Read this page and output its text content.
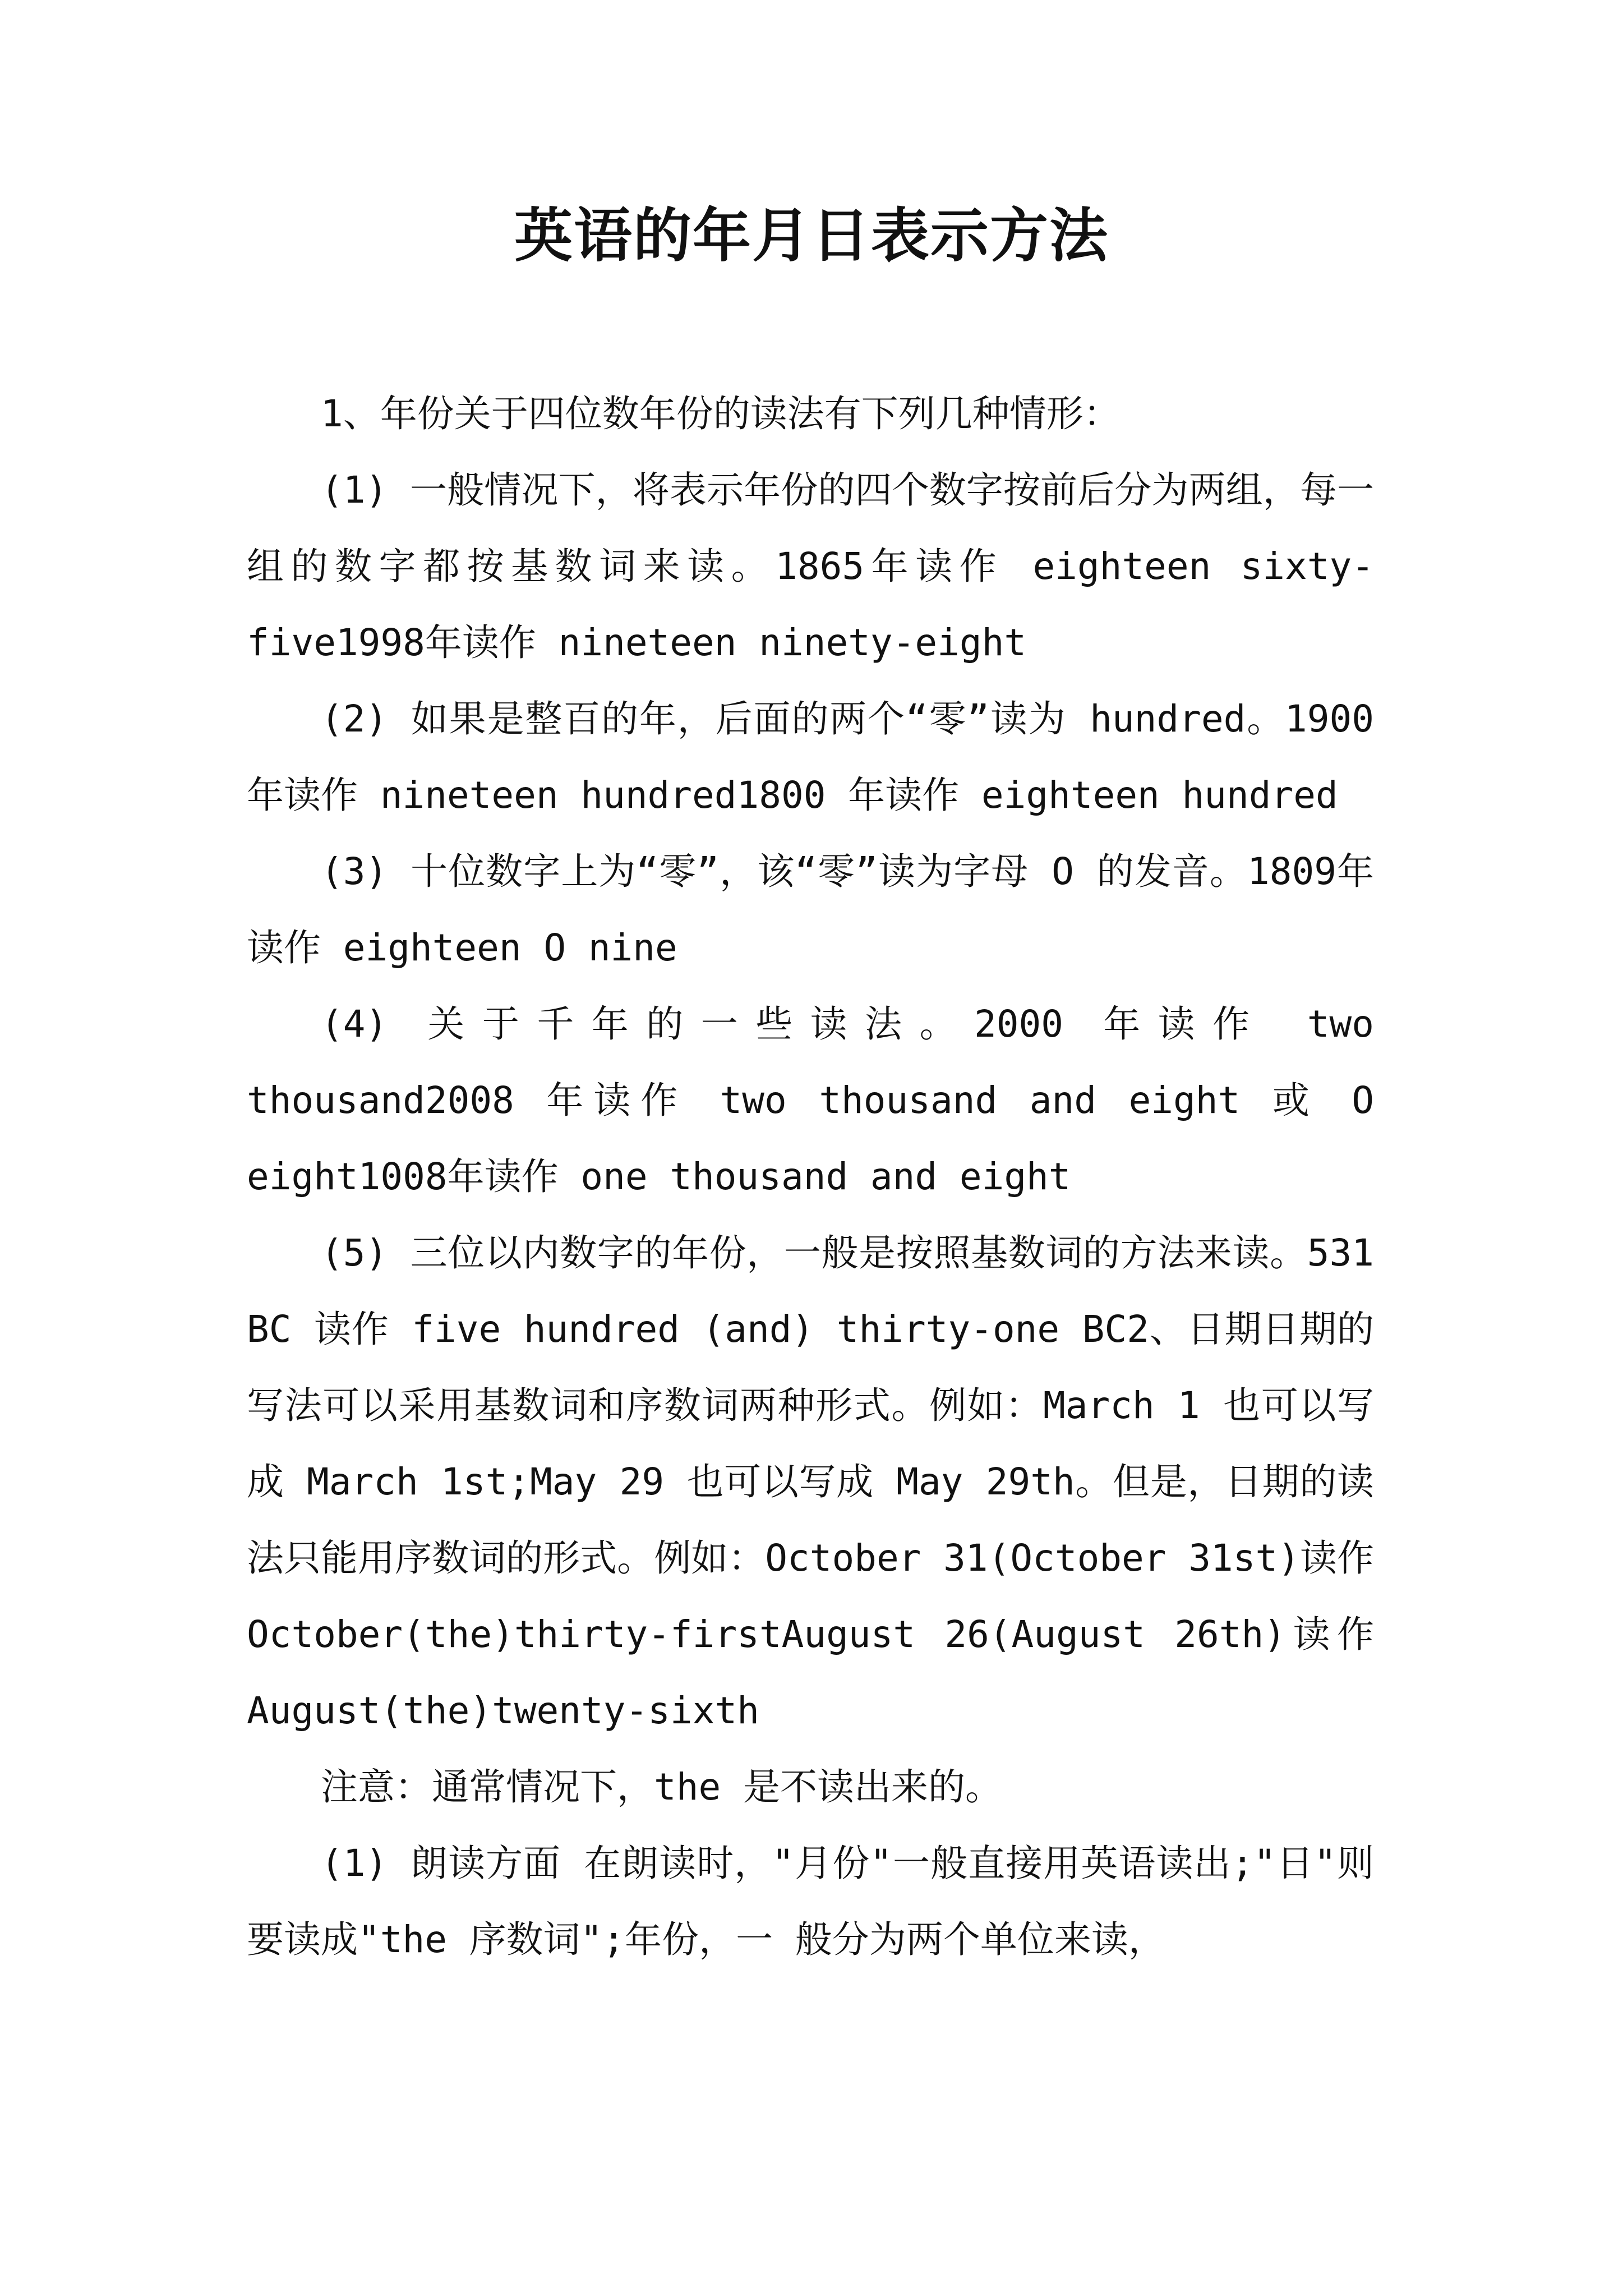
英语的年月日表示方法

1、年份关于四位数年份的读法有下列几种情形：

(1) 一般情况下，将表示年份的四个数字按前后分为两组，每一组的数字都按基数词来读。1865年读作 eighteen sixty-five1998年读作 nineteen ninety-eight

(2) 如果是整百的年，后面的两个“零”读为 hundred。1900 年读作 nineteen hundred1800 年读作 eighteen hundred

(3) 十位数字上为“零”，该“零”读为字母 O 的发音。1809年读作 eighteen O nine

(4) 关于千年的一些读法。2000 年读作 two thousand2008 年读作 two thousand and eight 或 O eight1008年读作 one thousand and eight

(5) 三位以内数字的年份，一般是按照基数词的方法来读。531 BC 读作 five hundred (and) thirty-one BC2、日期日期的写法可以采用基数词和序数词两种形式。例如：March 1 也可以写成 March 1st;May 29 也可以写成 May 29th。但是，日期的读法只能用序数词的形式。例如：October 31(October 31st)读作 October(the)thirty-firstAugust 26(August 26th)读作 August(the)twenty-sixth

注意：通常情况下，the 是不读出来的。

(1) 朗读方面 在朗读时，"月份"一般直接用英语读出;"日"则要读成"the 序数词";年份，一 般分为两个单位来读，
